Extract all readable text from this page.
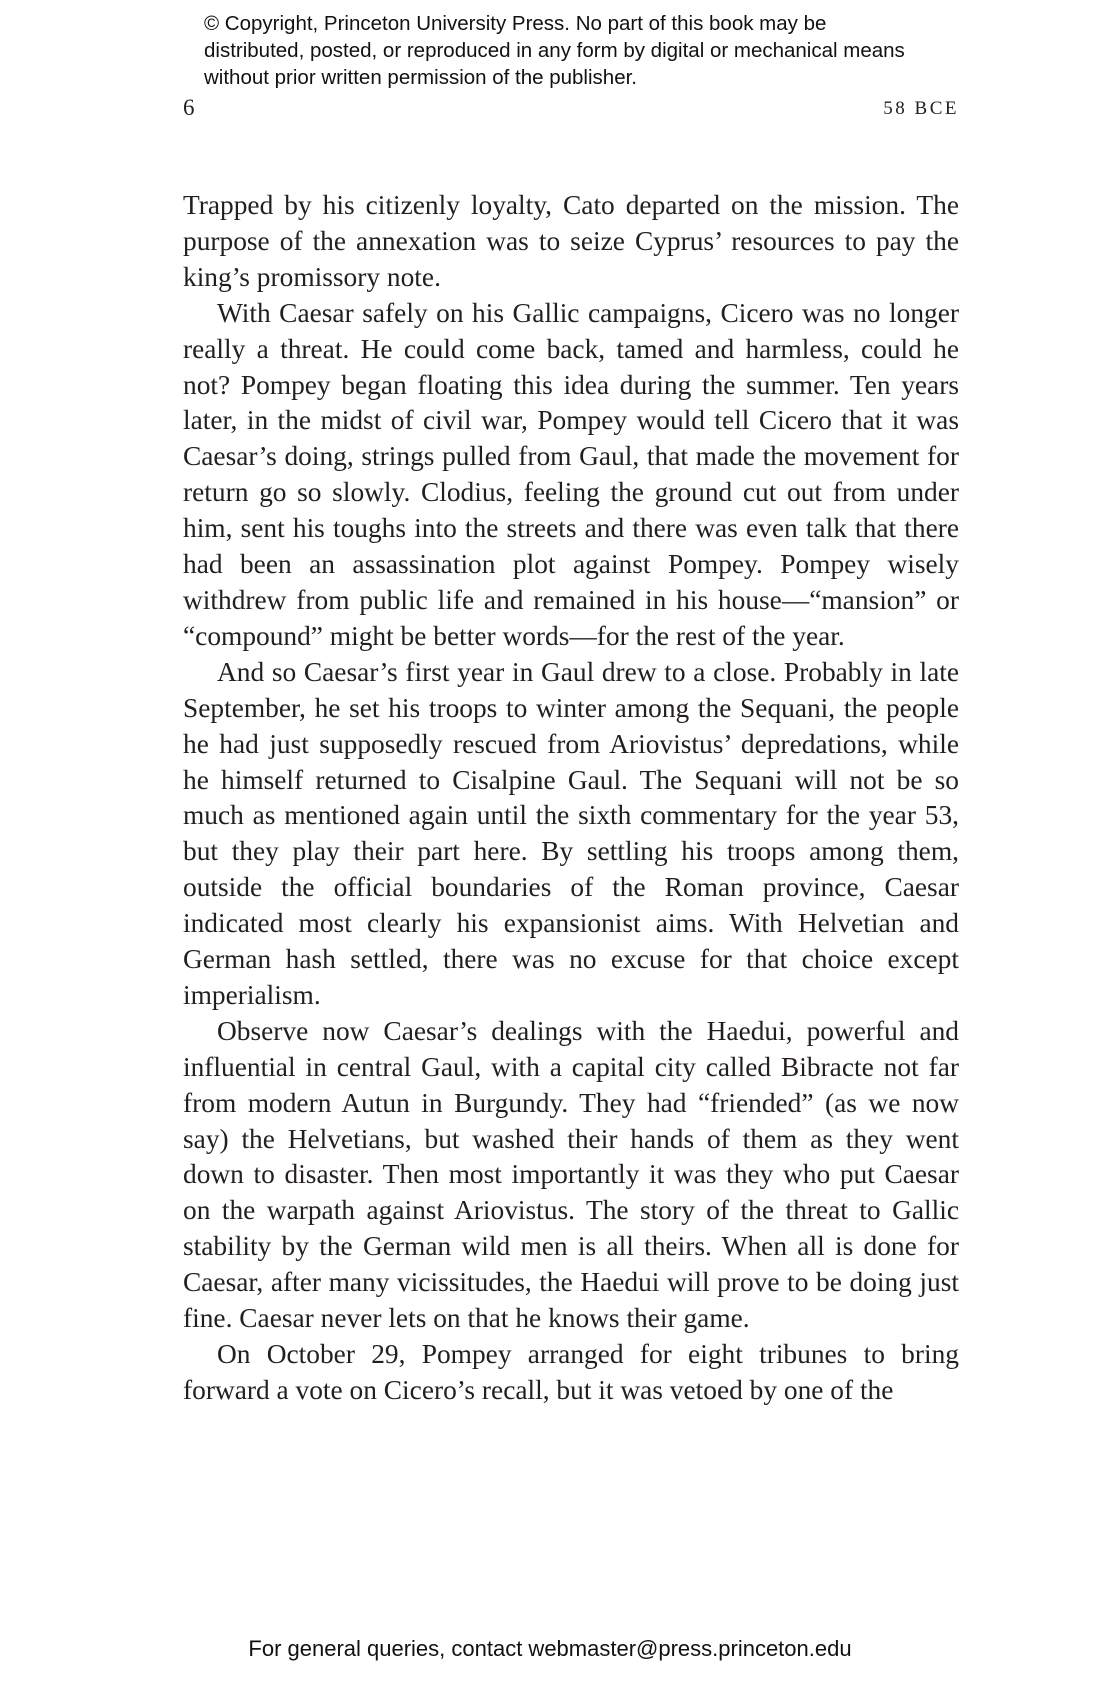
© Copyright, Princeton University Press. No part of this book may be distributed, posted, or reproduced in any form by digital or mechanical means without prior written permission of the publisher.
6	58 BCE

Trapped by his citizenly loyalty, Cato departed on the mission. The purpose of the annexation was to seize Cyprus’ resources to pay the king’s promissory note.

With Caesar safely on his Gallic campaigns, Cicero was no longer really a threat. He could come back, tamed and harmless, could he not? Pompey began floating this idea during the summer. Ten years later, in the midst of civil war, Pompey would tell Cicero that it was Caesar’s doing, strings pulled from Gaul, that made the movement for return go so slowly. Clodius, feeling the ground cut out from under him, sent his toughs into the streets and there was even talk that there had been an assassination plot against Pompey. Pompey wisely withdrew from public life and remained in his house—“mansion” or “compound” might be better words—for the rest of the year.

And so Caesar’s first year in Gaul drew to a close. Probably in late September, he set his troops to winter among the Sequani, the people he had just supposedly rescued from Ariovistus’ depredations, while he himself returned to Cisalpine Gaul. The Sequani will not be so much as mentioned again until the sixth commentary for the year 53, but they play their part here. By settling his troops among them, outside the official boundaries of the Roman province, Caesar indicated most clearly his expansionist aims. With Helvetian and German hash settled, there was no excuse for that choice except imperialism.

Observe now Caesar’s dealings with the Haedui, powerful and influential in central Gaul, with a capital city called Bibracte not far from modern Autun in Burgundy. They had “friended” (as we now say) the Helvetians, but washed their hands of them as they went down to disaster. Then most importantly it was they who put Caesar on the warpath against Ariovistus. The story of the threat to Gallic stability by the German wild men is all theirs. When all is done for Caesar, after many vicissitudes, the Haedui will prove to be doing just fine. Caesar never lets on that he knows their game.

On October 29, Pompey arranged for eight tribunes to bring forward a vote on Cicero’s recall, but it was vetoed by one of the

For general queries, contact webmaster@press.princeton.edu
